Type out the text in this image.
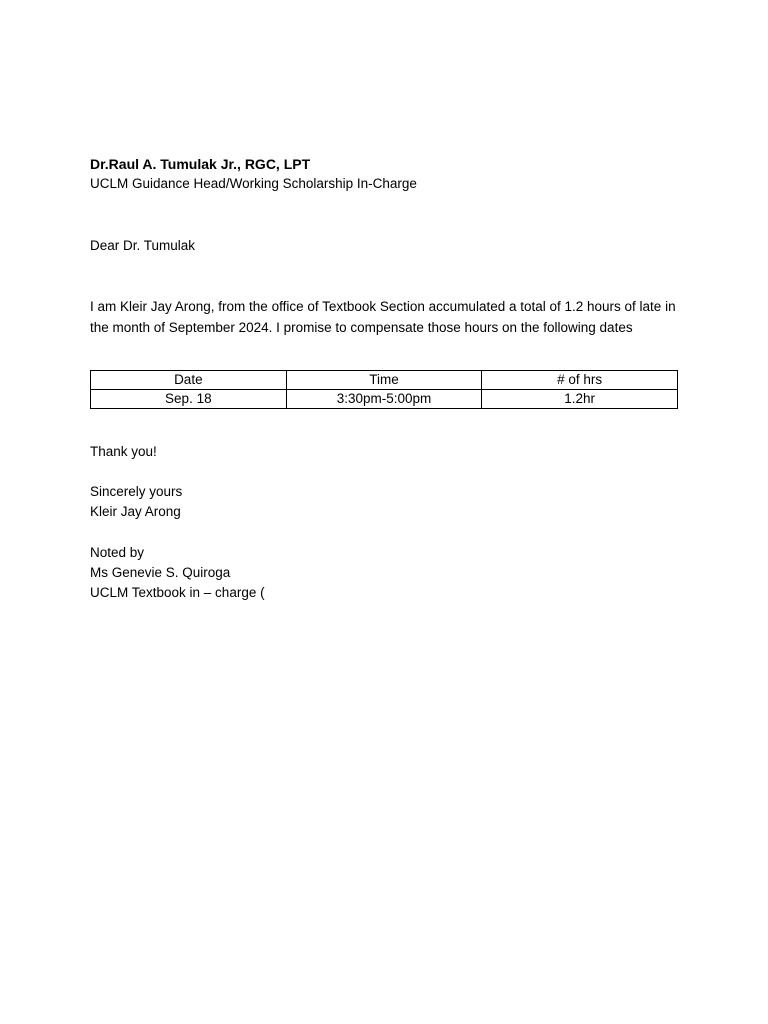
Dr.Raul A. Tumulak Jr., RGC, LPT

UCLM Guidance Head/Working Scholarship In-Charge

Dear Dr. Tumulak

I am Kleir Jay Arong, from the office of Textbook Section accumulated a total of 1.2 hours of late in the month of September 2024. I promise to compensate those hours on the following dates

Date	Time	# of hrs
Sep. 18	3:30pm-5:00pm	1.2hr

Thank you!

Sincerely yours

Kleir Jay Arong

Noted by

Ms Genevie S. Quiroga

UCLM Textbook in – charge (
